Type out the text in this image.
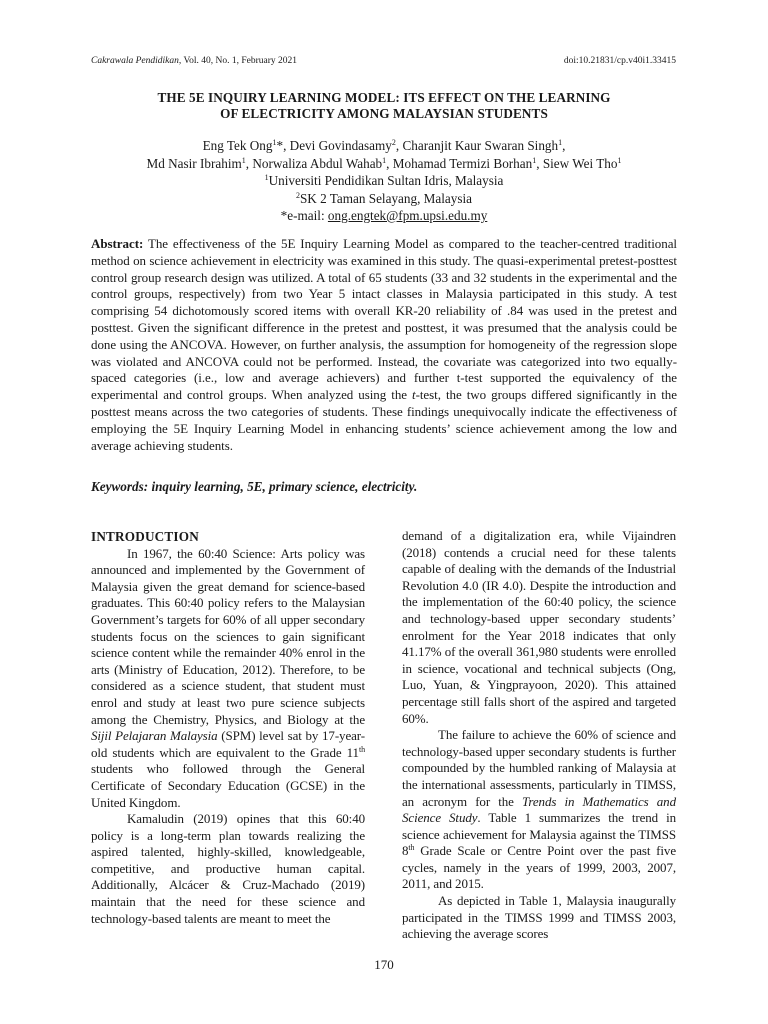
Cakrawala Pendidikan, Vol. 40, No. 1, February 2021	doi:10.21831/cp.v40i1.33415
THE 5E INQUIRY LEARNING MODEL: ITS EFFECT ON THE LEARNING
OF ELECTRICITY AMONG MALAYSIAN STUDENTS
Eng Tek Ong$^1$*, Devi Govindasamy$^2$, Charanjit Kaur Swaran Singh$^1$,
Md Nasir Ibrahim$^1$, Norwaliza Abdul Wahab$^1$, Mohamad Termizi Borhan$^1$, Siew Wei Tho$^1$
$^1$Universiti Pendidikan Sultan Idris, Malaysia
$^2$SK 2 Taman Selayang, Malaysia
*e-mail: ong.engtek@fpm.upsi.edu.my
Abstract: The effectiveness of the 5E Inquiry Learning Model as compared to the teacher-centred traditional method on science achievement in electricity was examined in this study. The quasi-experimental pretest-posttest control group research design was utilized. A total of 65 students (33 and 32 students in the experimental and the control groups, respectively) from two Year 5 intact classes in Malaysia participated in this study. A test comprising 54 dichotomously scored items with overall KR-20 reliability of .84 was used in the pretest and posttest. Given the significant difference in the pretest and posttest, it was presumed that the analysis could be done using the ANCOVA. However, on further analysis, the assumption for homogeneity of the regression slope was violated and ANCOVA could not be performed. Instead, the covariate was categorized into two equally-spaced categories (i.e., low and average achievers) and further t-test supported the equivalency of the experimental and control groups. When analyzed using the t-test, the two groups differed significantly in the posttest means across the two categories of students. These findings unequivocally indicate the effectiveness of employing the 5E Inquiry Learning Model in enhancing students’ science achievement among the low and average achieving students.
Keywords: inquiry learning, 5E, primary science, electricity.
INTRODUCTION

In 1967, the 60:40 Science: Arts policy was announced and implemented by the Government of Malaysia given the great demand for science-based graduates. This 60:40 policy refers to the Malaysian Government’s targets for 60% of all upper secondary students focus on the sciences to gain significant science content while the remainder 40% enrol in the arts (Ministry of Education, 2012). Therefore, to be considered as a science student, that student must enrol and study at least two pure science subjects among the Chemistry, Physics, and Biology at the Sijil Pelajaran Malaysia (SPM) level sat by 17-year-old students which are equivalent to the Grade 11th students who followed through the General Certificate of Secondary Education (GCSE) in the United Kingdom.

Kamaludin (2019) opines that this 60:40 policy is a long-term plan towards realizing the aspired talented, highly-skilled, knowledgeable, competitive, and productive human capital. Additionally, Alcácer & Cruz-Machado (2019) maintain that the need for these science and technology-based talents are meant to meet the

demand of a digitalization era, while Vijaindren (2018) contends a crucial need for these talents capable of dealing with the demands of the Industrial Revolution 4.0 (IR 4.0). Despite the introduction and the implementation of the 60:40 policy, the science and technology-based upper secondary students’ enrolment for the Year 2018 indicates that only 41.17% of the overall 361,980 students were enrolled in science, vocational and technical subjects (Ong, Luo, Yuan, & Yingprayoon, 2020). This attained percentage still falls short of the aspired and targeted 60%.

The failure to achieve the 60% of science and technology-based upper secondary students is further compounded by the humbled ranking of Malaysia at the international assessments, particularly in TIMSS, an acronym for the Trends in Mathematics and Science Study. Table 1 summarizes the trend in science achievement for Malaysia against the TIMSS 8th Grade Scale or Centre Point over the past five cycles, namely in the years of 1999, 2003, 2007, 2011, and 2015.

As depicted in Table 1, Malaysia inaugurally participated in the TIMSS 1999 and TIMSS 2003, achieving the average scores

170
